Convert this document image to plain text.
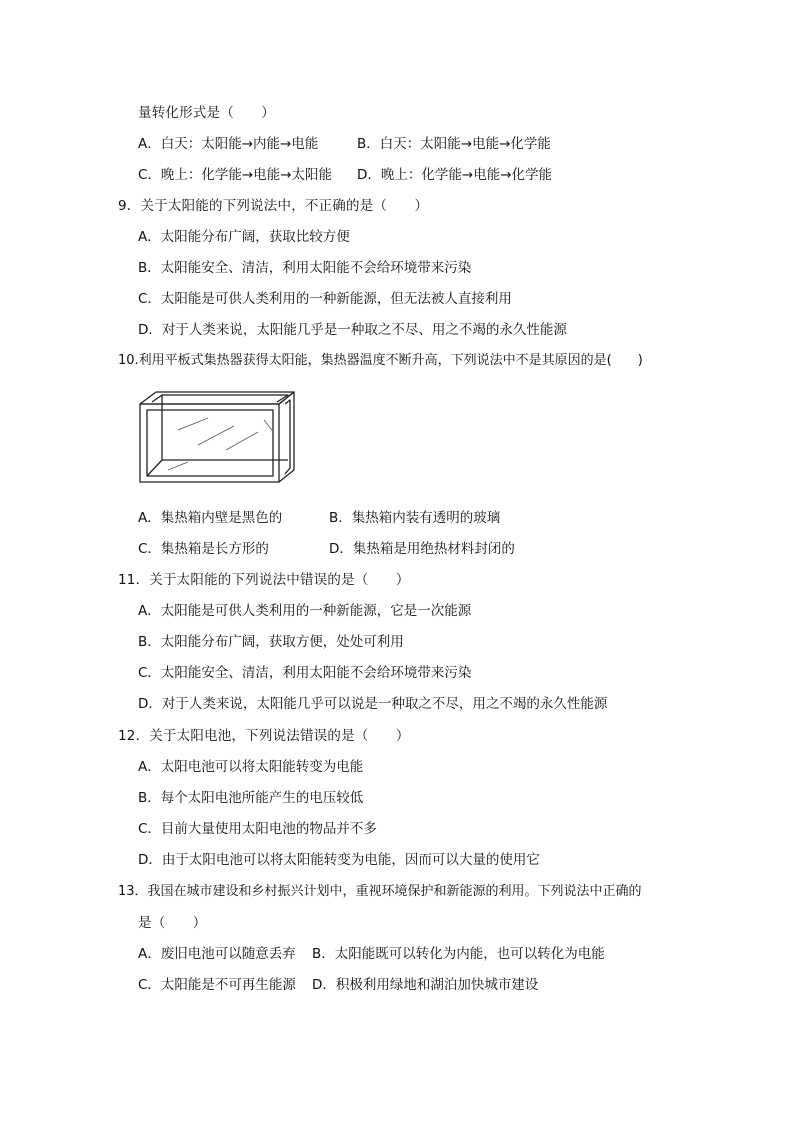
量转化形式是（　　）
A．白天：太阳能→内能→电能	B．白天：太阳能→电能→化学能
C．晚上：化学能→电能→太阳能 D．晚上：化学能→电能→化学能
9．关于太阳能的下列说法中，不正确的是（　　）
A．太阳能分布广阔，获取比较方便
B．太阳能安全、清洁，利用太阳能不会给环境带来污染
C．太阳能是可供人类利用的一种新能源，但无法被人直接利用
D．对于人类来说，太阳能几乎是一种取之不尽、用之不竭的永久性能源
10.利用平板式集热器获得太阳能，集热器温度不断升高，下列说法中不是其原因的是(　　)
A．集热箱内壁是黑色的	B．集热箱内装有透明的玻璃
C．集热箱是长方形的	D．集热箱是用绝热材料封闭的
11．关于太阳能的下列说法中错误的是（　　）
A．太阳能是可供人类利用的一种新能源，它是一次能源
B．太阳能分布广阔，获取方便，处处可利用
C．太阳能安全、清洁，利用太阳能不会给环境带来污染
D．对于人类来说，太阳能几乎可以说是一种取之不尽，用之不竭的永久性能源
12．关于太阳电池，下列说法错误的是（　　）
A．太阳电池可以将太阳能转变为电能
B．每个太阳电池所能产生的电压较低
C．目前大量使用太阳电池的物品并不多
D．由于太阳电池可以将太阳能转变为电能，因而可以大量的使用它
13．我国在城市建设和乡村振兴计划中，重视环境保护和新能源的利用。下列说法中正确的
是（　　）
A．废旧电池可以随意丢弃 B．太阳能既可以转化为内能，也可以转化为电能
C．太阳能是不可再生能源 D．积极利用绿地和湖泊加快城市建设
